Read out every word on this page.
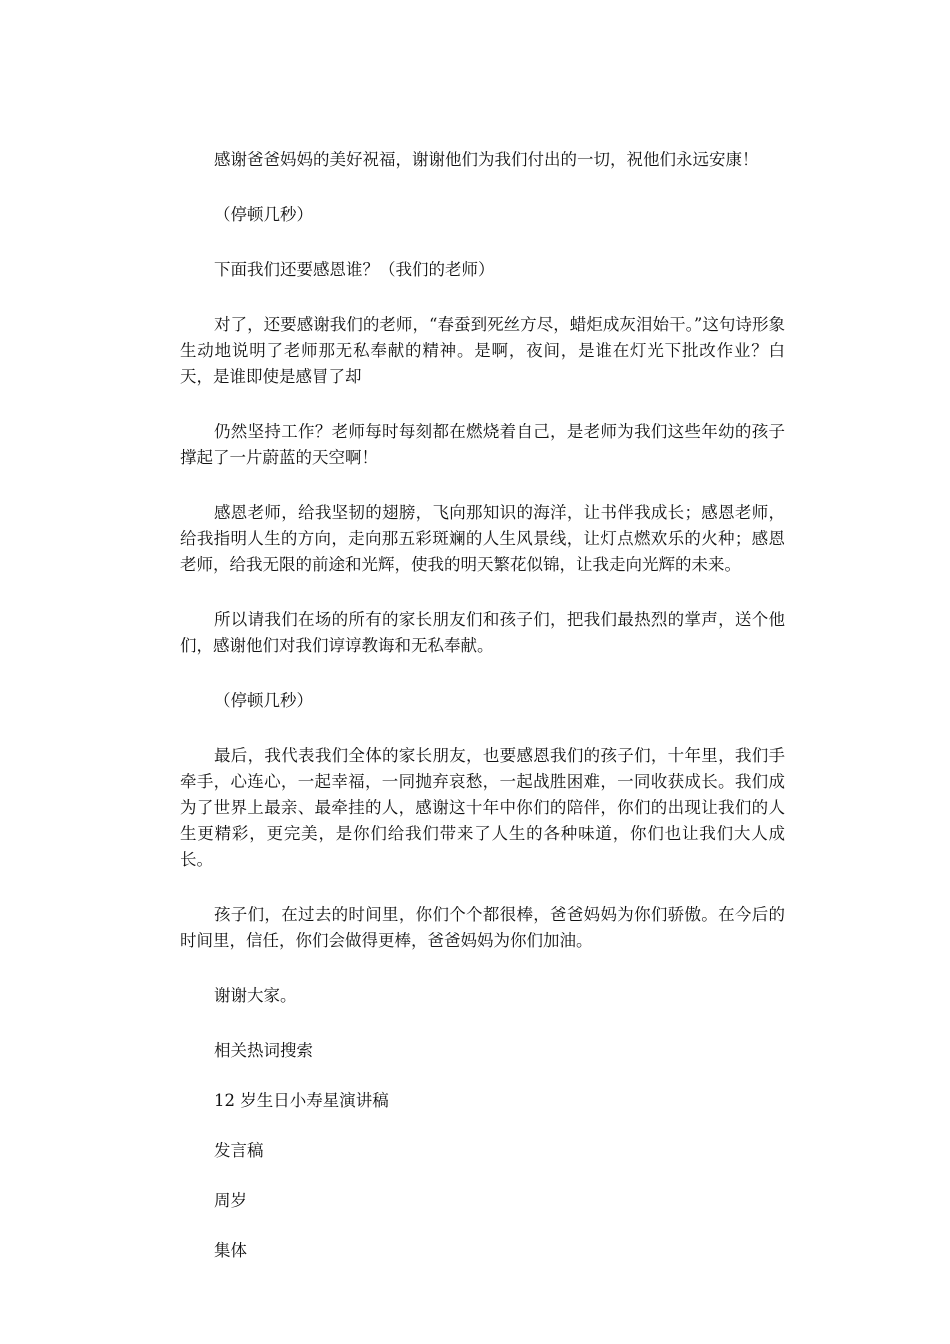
感谢爸爸妈妈的美好祝福，谢谢他们为我们付出的一切，祝他们永远安康！

（停顿几秒）

下面我们还要感恩谁？（我们的老师）

对了，还要感谢我们的老师，“春蚕到死丝方尽，蜡炬成灰泪始干。”这句诗形象生动地说明了老师那无私奉献的精神。是啊，夜间，是谁在灯光下批改作业？白天，是谁即使是感冒了却

仍然坚持工作？老师每时每刻都在燃烧着自己，是老师为我们这些年幼的孩子撑起了一片蔚蓝的天空啊！

感恩老师，给我坚韧的翅膀，飞向那知识的海洋，让书伴我成长；感恩老师，给我指明人生的方向，走向那五彩斑斓的人生风景线，让灯点燃欢乐的火种；感恩老师，给我无限的前途和光辉，使我的明天繁花似锦，让我走向光辉的未来。

所以请我们在场的所有的家长朋友们和孩子们，把我们最热烈的掌声，送个他们，感谢他们对我们谆谆教诲和无私奉献。

（停顿几秒）

最后，我代表我们全体的家长朋友，也要感恩我们的孩子们，十年里，我们手牵手，心连心，一起幸福，一同抛弃哀愁，一起战胜困难，一同收获成长。我们成为了世界上最亲、最牵挂的人，感谢这十年中你们的陪伴，你们的出现让我们的人生更精彩，更完美，是你们给我们带来了人生的各种味道，你们也让我们大人成长。

孩子们，在过去的时间里，你们个个都很棒，爸爸妈妈为你们骄傲。在今后的时间里，信任，你们会做得更棒，爸爸妈妈为你们加油。

谢谢大家。

相关热词搜索
12 岁生日小寿星演讲稿
发言稿
周岁
集体
